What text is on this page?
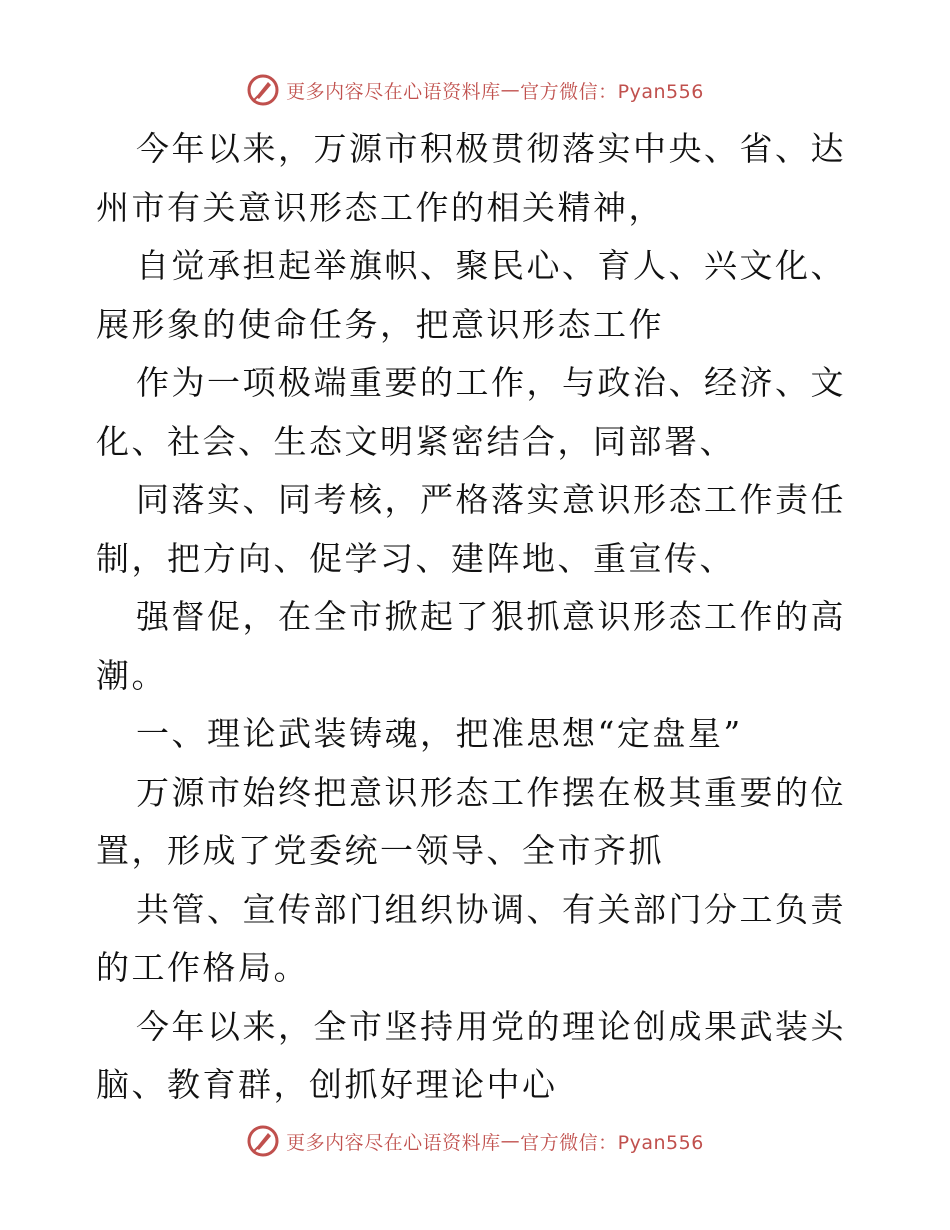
更多内容尽在心语资料库 — 官方微信：Pyan556

今年以来，万源市积极贯彻落实中央、省、达州市有关意识形态工作的相关精神，

自觉承担起举旗帜、聚民心、育人、兴文化、展形象的使命任务，把意识形态工作

作为一项极端重要的工作，与政治、经济、文化、社会、生态文明紧密结合，同部署、

同落实、同考核，严格落实意识形态工作责任制，把方向、促学习、建阵地、重宣传、

强督促，在全市掀起了狠抓意识形态工作的高潮。

一、理论武装铸魂，把准思想“定盘星”

万源市始终把意识形态工作摆在极其重要的位置，形成了党委统一领导、全市齐抓

共管、宣传部门组织协调、有关部门分工负责的工作格局。

今年以来，全市坚持用党的理论创成果武装头脑、教育群，创抓好理论中心

更多内容尽在心语资料库 — 官方微信：Pyan556
